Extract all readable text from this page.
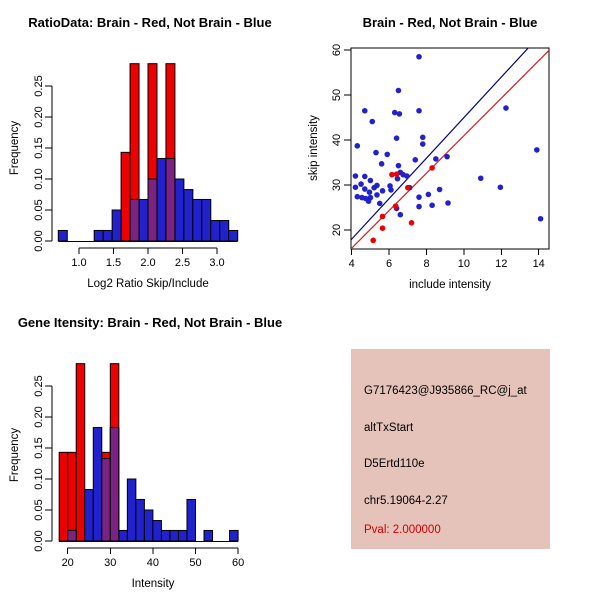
RatioData: Brain - Red, Not Brain - Blue
0.00
0.05
0.10
0.15
0.20
0.25
1.0 1.5 2.0 2.5 3.0
Log2 Ratio Skip/Include
Frequency
Brain - Red, Not Brain - Blue
4	6	8	10 12 14
20
30
40
50
60
include intensity
skip intensity
Gene Itensity: Brain - Red, Not Brain - Blue
0.00
0.05
0.10
0.15
0.20
0.25
20	30	40	50	60
Intensity
Frequency
G7176423@J935866_RC@j_at
altTxStart
D5Ertd110e
chr5.19064-2.27
Pval: 2.000000
